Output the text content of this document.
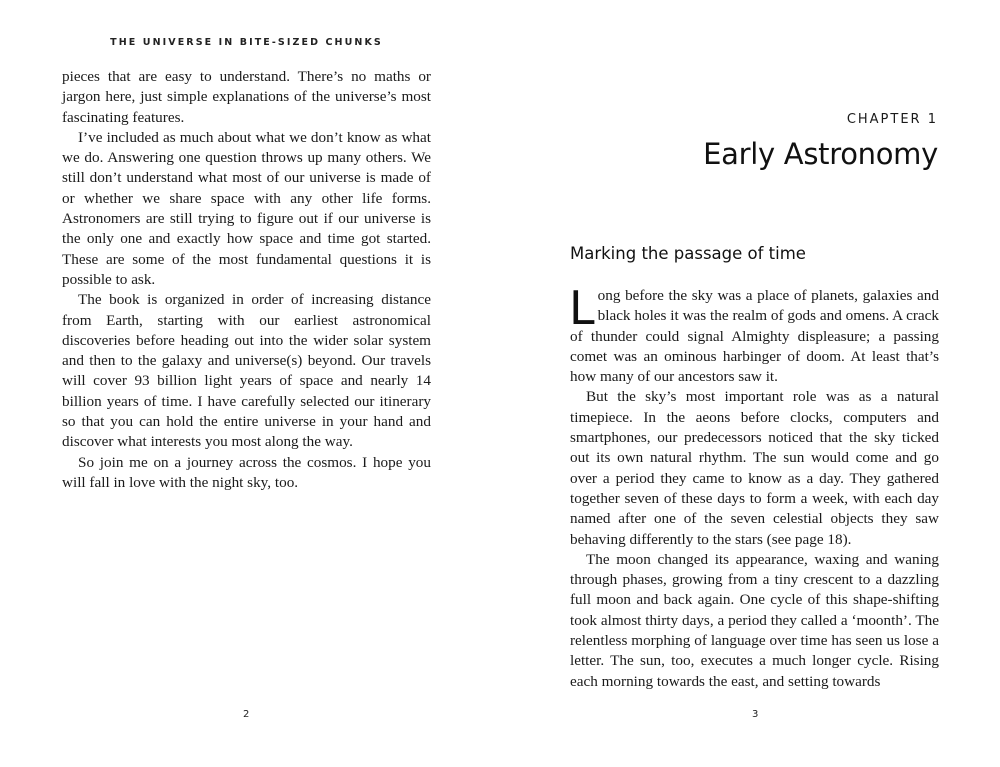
THE UNIVERSE IN BITE-SIZED CHUNKS

pieces that are easy to understand. There’s no maths or jargon here, just simple explanations of the universe’s most fascinating features.

I’ve included as much about what we don’t know as what we do. Answering one question throws up many others. We still don’t understand what most of our universe is made of or whether we share space with any other life forms. Astronomers are still trying to figure out if our universe is the only one and exactly how space and time got started. These are some of the most fundamental questions it is possible to ask.

The book is organized in order of increasing distance from Earth, starting with our earliest astronomical discoveries before heading out into the wider solar system and then to the galaxy and universe(s) beyond. Our travels will cover 93 billion light years of space and nearly 14 billion years of time. I have carefully selected our itinerary so that you can hold the entire universe in your hand and discover what interests you most along the way.

So join me on a journey across the cosmos. I hope you will fall in love with the night sky, too.

2
CHAPTER 1
Early Astronomy
Marking the passage of time

Long before the sky was a place of planets, galaxies and black holes it was the realm of gods and omens. A crack of thunder could signal Almighty displeasure; a passing comet was an ominous harbinger of doom. At least that’s how many of our ancestors saw it.

But the sky’s most important role was as a natural timepiece. In the aeons before clocks, computers and smartphones, our predecessors noticed that the sky ticked out its own natural rhythm. The sun would come and go over a period they came to know as a day. They gathered together seven of these days to form a week, with each day named after one of the seven celestial objects they saw behaving differently to the stars (see page 18).

The moon changed its appearance, waxing and waning through phases, growing from a tiny crescent to a dazzling full moon and back again. One cycle of this shape-shifting took almost thirty days, a period they called a ‘moonth’. The relentless morphing of language over time has seen us lose a letter. The sun, too, executes a much longer cycle. Rising each morning towards the east, and setting towards

3
